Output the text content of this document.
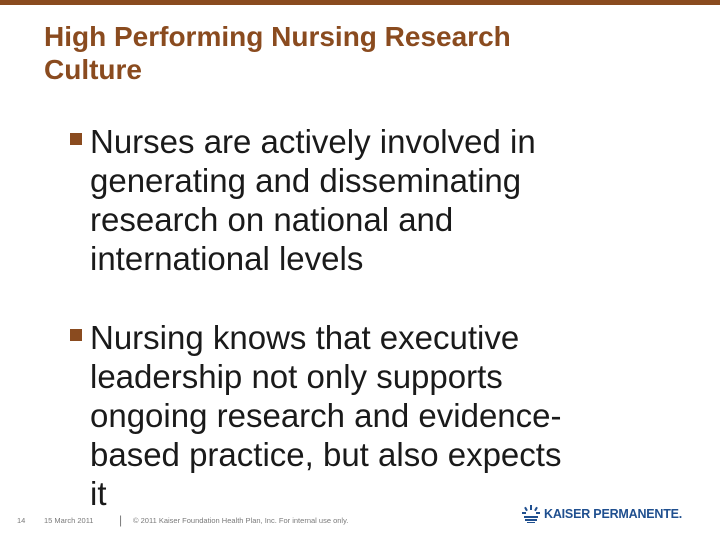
High Performing Nursing Research
Culture
Nurses are actively involved in
generating and disseminating
research on national and
international levels
Nursing knows that executive
leadership not only supports
ongoing research and evidence-
based practice, but also expects
it
14 15 March 2011 | © 2011 Kaiser Foundation Health Plan, Inc. For internal use only.	KAISER PERMANENTE.
